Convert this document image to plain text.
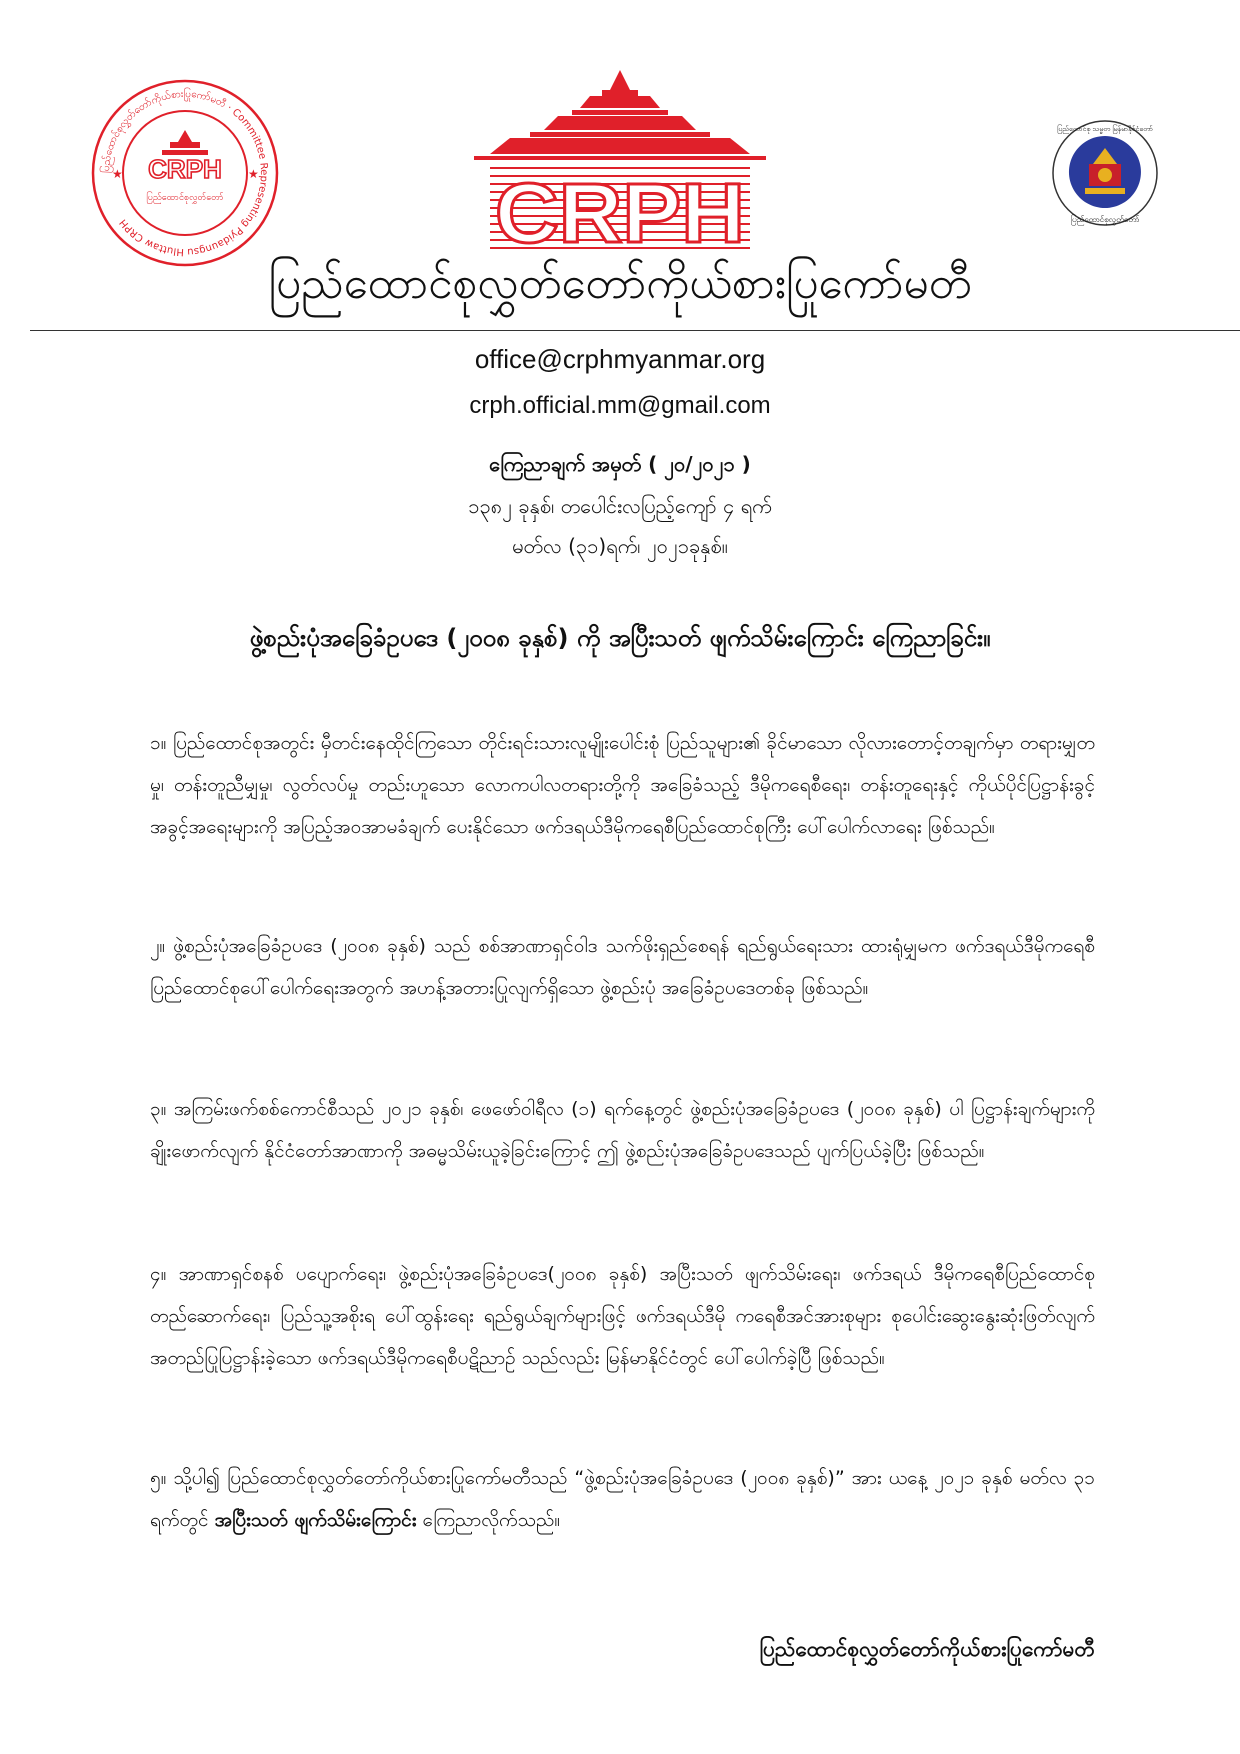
ပြည်ထောင်စုလွှတ်တော်ကိုယ်စားပြုကော်မတီ · Committee Representing Pyidaungsu Hluttaw CRPH
★	★
CRPH
ပြည်ထောင်စုလွှတ်တော်	CRPH
ပြည်ထောင်စု သမ္မတ မြန်မာနိုင်ငံတော်
ပြည်ထောင်စုလွှတ်တော်
ပြည်ထောင်စုလွှတ်တော်ကိုယ်စားပြုကော်မတီ
office@crphmyanmar.org
crph.official.mm@gmail.com
ကြေညာချက် အမှတ် ( ၂၀/၂၀၂၁ )
၁၃၈၂ ခုနှစ်၊ တပေါင်းလပြည့်ကျော် ၄ ရက်
မတ်လ (၃၁)ရက်၊ ၂၀၂၁ခုနှစ်။
ဖွဲ့စည်းပုံအခြေခံဥပဒေ (၂၀၀၈ ခုနှစ်) ကို အပြီးသတ် ဖျက်သိမ်းကြောင်း ကြေညာခြင်း။

၁။ ပြည်ထောင်စုအတွင်း မှီတင်းနေထိုင်ကြသော တိုင်းရင်းသားလူမျိုးပေါင်းစုံ ပြည်သူများ၏ ခိုင်မာသော လိုလားတောင့်တချက်မှာ တရားမျှတမှု၊ တန်းတူညီမျှမှု၊ လွတ်လပ်မှု တည်းဟူသော လောကပါလတရားတို့ကို အခြေခံသည့် ဒီမိုကရေစီရေး၊ တန်းတူရေးနှင့် ကိုယ်ပိုင်ပြဋ္ဌာန်းခွင့် အခွင့်အရေးများကို အပြည့်အဝအာမခံချက် ပေးနိုင်သော ဖက်ဒရယ်ဒီမိုကရေစီပြည်ထောင်စုကြီး ပေါ်ပေါက်လာရေး ဖြစ်သည်။

၂။ ဖွဲ့စည်းပုံအခြေခံဥပဒေ (၂၀၀၈ ခုနှစ်) သည် စစ်အာဏာရှင်ဝါဒ သက်ဖိုးရှည်စေရန် ရည်ရွယ်ရေးသား ထားရုံမျှမက ဖက်ဒရယ်ဒီမိုကရေစီပြည်ထောင်စုပေါ်ပေါက်ရေးအတွက် အဟန့်အတားပြုလျက်ရှိသော ဖွဲ့စည်းပုံ အခြေခံဥပဒေတစ်ခု ဖြစ်သည်။

၃။ အကြမ်းဖက်စစ်ကောင်စီသည် ၂၀၂၁ ခုနှစ်၊ ဖေဖော်ဝါရီလ (၁) ရက်နေ့တွင် ဖွဲ့စည်းပုံအခြေခံဥပဒေ (၂၀၀၈ ခုနှစ်) ပါ ပြဋ္ဌာန်းချက်များကို ချိုးဖောက်လျက် နိုင်ငံတော်အာဏာကို အဓမ္မသိမ်းယူခဲ့ခြင်းကြောင့် ဤ ဖွဲ့စည်းပုံအခြေခံဥပဒေသည် ပျက်ပြယ်ခဲ့ပြီး ဖြစ်သည်။

၄။ အာဏာရှင်စနစ် ပပျောက်ရေး၊ ဖွဲ့စည်းပုံအခြေခံဥပဒေ(၂၀၀၈ ခုနှစ်) အပြီးသတ် ဖျက်သိမ်းရေး၊ ဖက်ဒရယ် ဒီမိုကရေစီပြည်ထောင်စု တည်ဆောက်ရေး၊ ပြည်သူ့အစိုးရ ပေါ်ထွန်းရေး ရည်ရွယ်ချက်များဖြင့် ဖက်ဒရယ်ဒီမို ကရေစီအင်အားစုများ စုပေါင်းဆွေးနွေးဆုံးဖြတ်လျက် အတည်ပြုပြဋ္ဌာန်းခဲ့သော ဖက်ဒရယ်ဒီမိုကရေစီပဋိညာဉ် သည်လည်း မြန်မာနိုင်ငံတွင် ပေါ်ပေါက်ခဲ့ပြီ ဖြစ်သည်။

၅။ သို့ပါ၍ ပြည်ထောင်စုလွှတ်တော်ကိုယ်စားပြုကော်မတီသည် “ဖွဲ့စည်းပုံအခြေခံဥပဒေ (၂၀၀၈ ခုနှစ်)” အား ယနေ့ ၂၀၂၁ ခုနှစ် မတ်လ ၃၁ ရက်တွင် အပြီးသတ် ဖျက်သိမ်းကြောင်း ကြေညာလိုက်သည်။

ပြည်ထောင်စုလွှတ်တော်ကိုယ်စားပြုကော်မတီ
